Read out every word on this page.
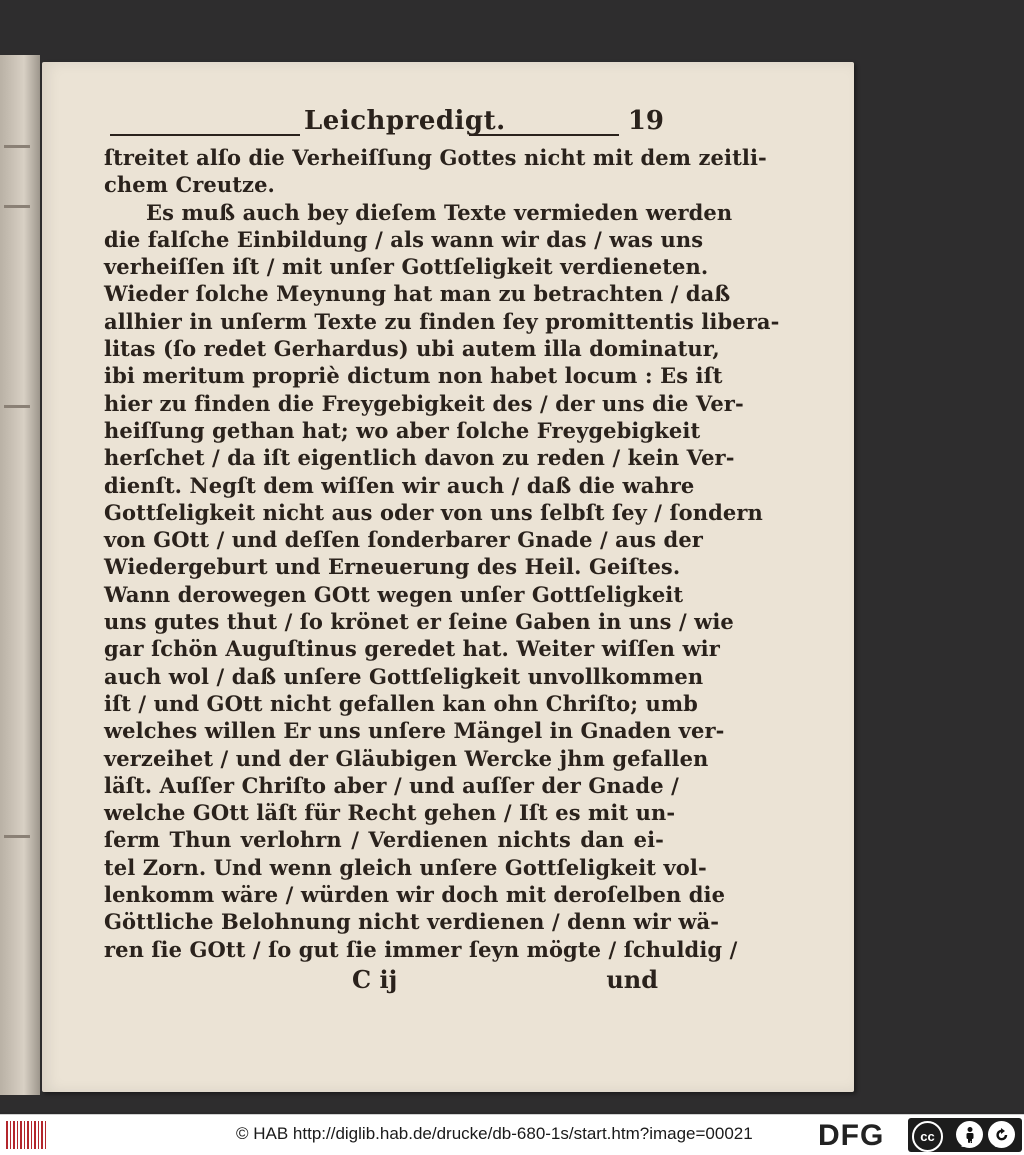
Leichpredigt.	19
ſtreitet alſo die Verheiſſung Gottes nicht mit dem zeitli-
chem Creutze.
Es muß auch bey dieſem Texte vermieden werden
die falſche Einbildung / als wann wir das / was uns
verheiſſen iſt / mit unſer Gottſeligkeit verdieneten.
Wieder ſolche Meynung hat man zu betrachten / daß
allhier in unſerm Texte zu finden ſey promittentis libera-
litas (ſo redet Gerhardus) ubi autem illa dominatur,
ibi meritum propriè dictum non habet locum : Es iſt
hier zu finden die Freygebigkeit des / der uns die Ver-
heiſſung gethan hat; wo aber ſolche Freygebigkeit
herſchet / da iſt eigentlich davon zu reden / kein Ver-
dienſt. Negſt dem wiſſen wir auch / daß die wahre
Gottſeligkeit nicht aus oder von uns ſelbſt ſey / ſondern
von GOtt / und deſſen ſonderbarer Gnade / aus der
Wiedergeburt und Erneuerung des Heil. Geiſtes.
Wann derowegen GOtt wegen unſer Gottſeligkeit
uns gutes thut / ſo krönet er ſeine Gaben in uns / wie
gar ſchön Auguſtinus geredet hat. Weiter wiſſen wir
auch wol / daß unſere Gottſeligkeit unvollkommen
iſt / und GOtt nicht gefallen kan ohn Chriſto; umb
welches willen Er uns unſere Mängel in Gnaden ver-
verzeihet / und der Gläubigen Wercke jhm gefallen
läſt. Auſſer Chriſto aber / und auſſer der Gnade /
welche GOtt läſt für Recht gehen / Iſt es mit un-
ſerm Thun verlohrn / Verdienen nichts dan ei-
tel Zorn. Und wenn gleich unſere Gottſeligkeit vol-
lenkomm wäre / würden wir doch mit deroſelben die
Göttliche Belohnung nicht verdienen / denn wir wä-
ren ſie GOtt / ſo gut ſie immer ſeyn mögte / ſchuldig /
C ij	und
© HAB http://diglib.hab.de/drucke/db-680-1s/start.htm?image=00021 DFG	cc
BY	SA
